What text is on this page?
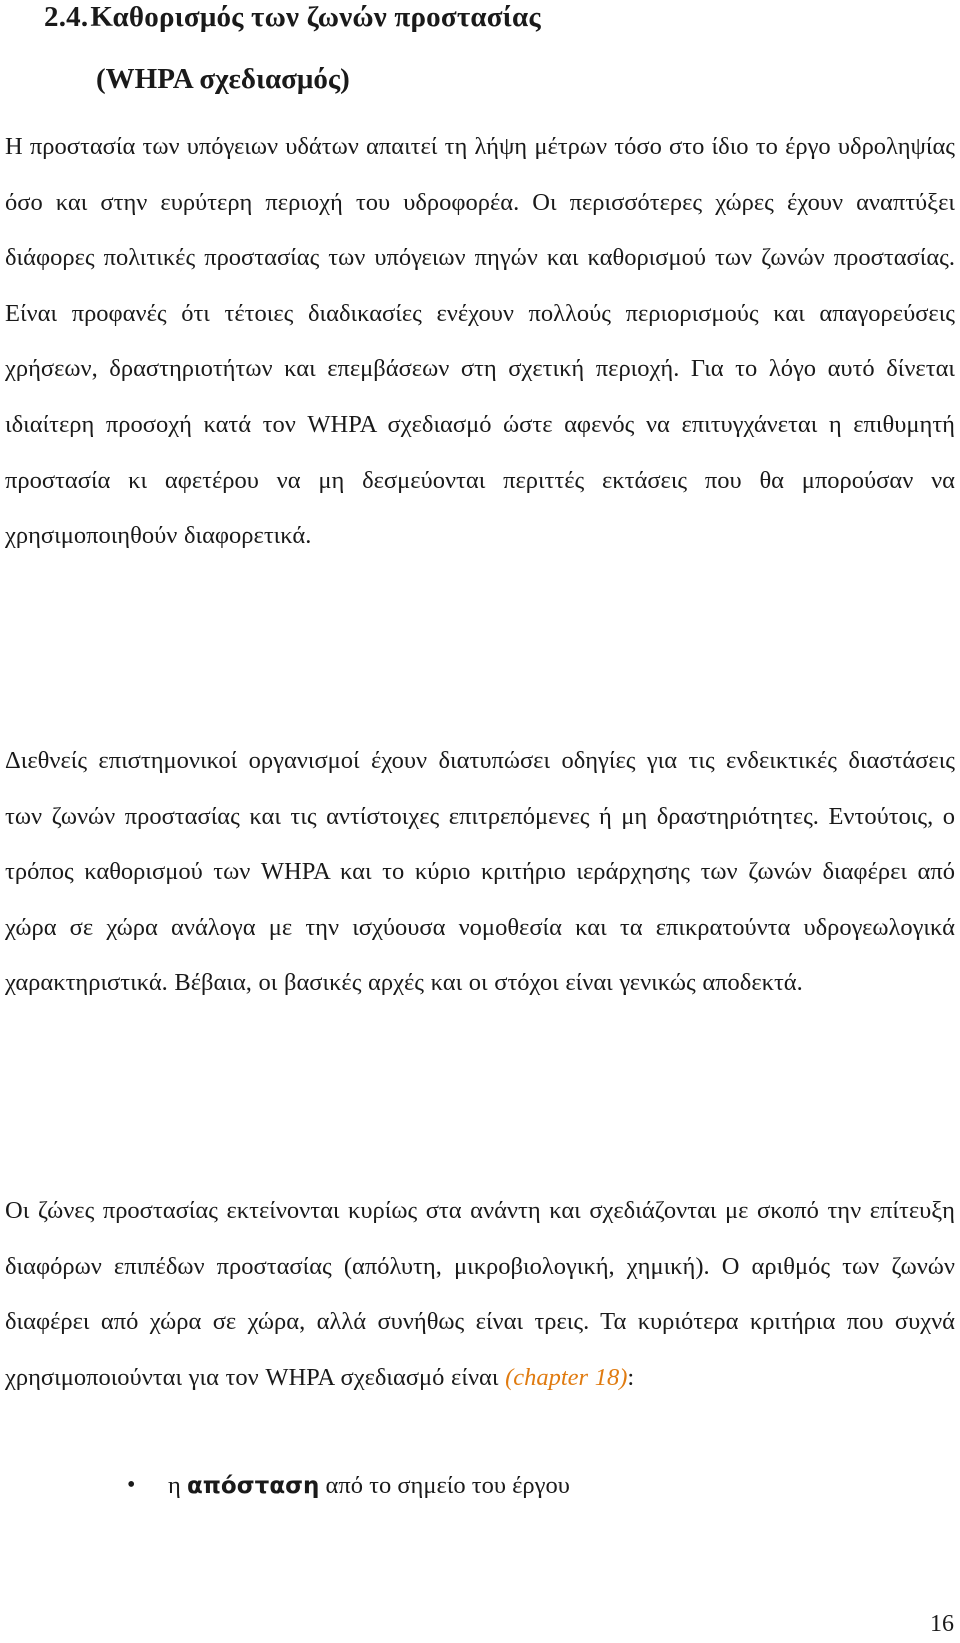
2.4.Καθορισμός των ζωνών προστασίας
(WHPA σχεδιασμός)

Η προστασία των υπόγειων υδάτων απαιτεί τη λήψη μέτρων τόσο στο ίδιο το έργο υδροληψίας όσο και στην ευρύτερη περιοχή του υδροφορέα. Οι περισσότερες χώρες έχουν αναπτύξει διάφορες πολιτικές προστασίας των υπόγειων πηγών και καθορισμού των ζωνών προστασίας. Είναι προφανές ότι τέτοιες διαδικασίες ενέχουν πολλούς περιορισμούς και απαγορεύσεις χρήσεων, δραστηριοτήτων και επεμβάσεων στη σχετική περιοχή. Για το λόγο αυτό δίνεται ιδιαίτερη προσοχή κατά τον WHPA σχεδιασμό ώστε αφενός να επιτυγχάνεται η επιθυμητή προστασία κι αφετέρου να μη δεσμεύονται περιττές εκτάσεις που θα μπορούσαν να χρησιμοποιηθούν διαφορετικά.

Διεθνείς επιστημονικοί οργανισμοί έχουν διατυπώσει οδηγίες για τις ενδεικτικές διαστάσεις των ζωνών προστασίας και τις αντίστοιχες επιτρεπόμενες ή μη δραστηριότητες. Εντούτοις, ο τρόπος καθορισμού των WHPA και το κύριο κριτήριο ιεράρχησης των ζωνών διαφέρει από χώρα σε χώρα ανάλογα με την ισχύουσα νομοθεσία και τα επικρατούντα υδρογεωλογικά χαρακτηριστικά. Βέβαια, οι βασικές αρχές και οι στόχοι είναι γενικώς αποδεκτά.

Οι ζώνες προστασίας εκτείνονται κυρίως στα ανάντη και σχεδιάζονται με σκοπό την επίτευξη διαφόρων επιπέδων προστασίας (απόλυτη, μικροβιολογική, χημική). Ο αριθμός των ζωνών διαφέρει από χώρα σε χώρα, αλλά συνήθως είναι τρεις. Τα κυριότερα κριτήρια που συχνά χρησιμοποιούνται για τον WHPA σχεδιασμό είναι (chapter 18):

• η απόσταση από το σημείο του έργου
16
